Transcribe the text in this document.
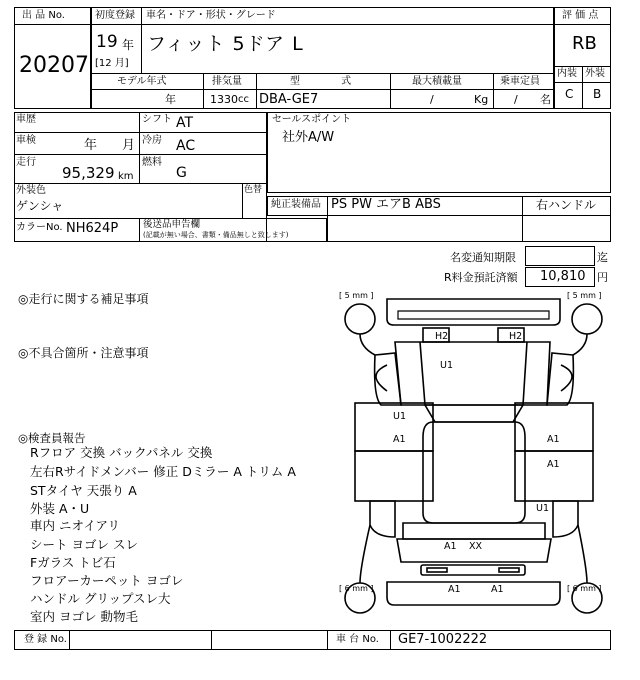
出 品 No.
20207
初度登録 車名・ドア・形状・グレード
19 年
[12 月]
フィット 5ドア L
モデル年式	排気量	型 式	最大積載量	乗車定員
年	1330 cc DBA-GE7	/	Kg / 名
評 価 点
RB
内装 外装
C B
車歴	シフト AT
車検	年 月 冷房 AC
走行
95,329 km
燃料
G
外装色
ゲンシャ
色替
カラーNo. NH624P	後送品申告欄
(記載が無い場合、書類・備品無しと致します)
セールスポイント
社外A/W
純正装備品 PS PW エアB ABS	右ハンドル
名変通知期限	迄
R料金預託済額 10,810 円
◎走行に関する補足事項
◎不具合箇所・注意事項
◎検査員報告
Rフロア 交換 バックパネル 交換
左右Rサイドメンバー 修正 Dミラー A トリム A
STタイヤ 天張り A
外装 A・U
車内 ニオイアリ
シート ヨゴレ スレ
Fガラス トビ石
フロアーカーペット ヨゴレ
ハンドル グリップスレ大
室内 ヨゴレ 動物毛
[ 5 mm ]	[ 5 mm ]
[ 6 mm ]	[ 6 mm ]
H2	H2
U1
U1
A1	A1
A1
U1
A1 XX
A1	A1
登 録 No.	車 台 No. GE7-1002222
